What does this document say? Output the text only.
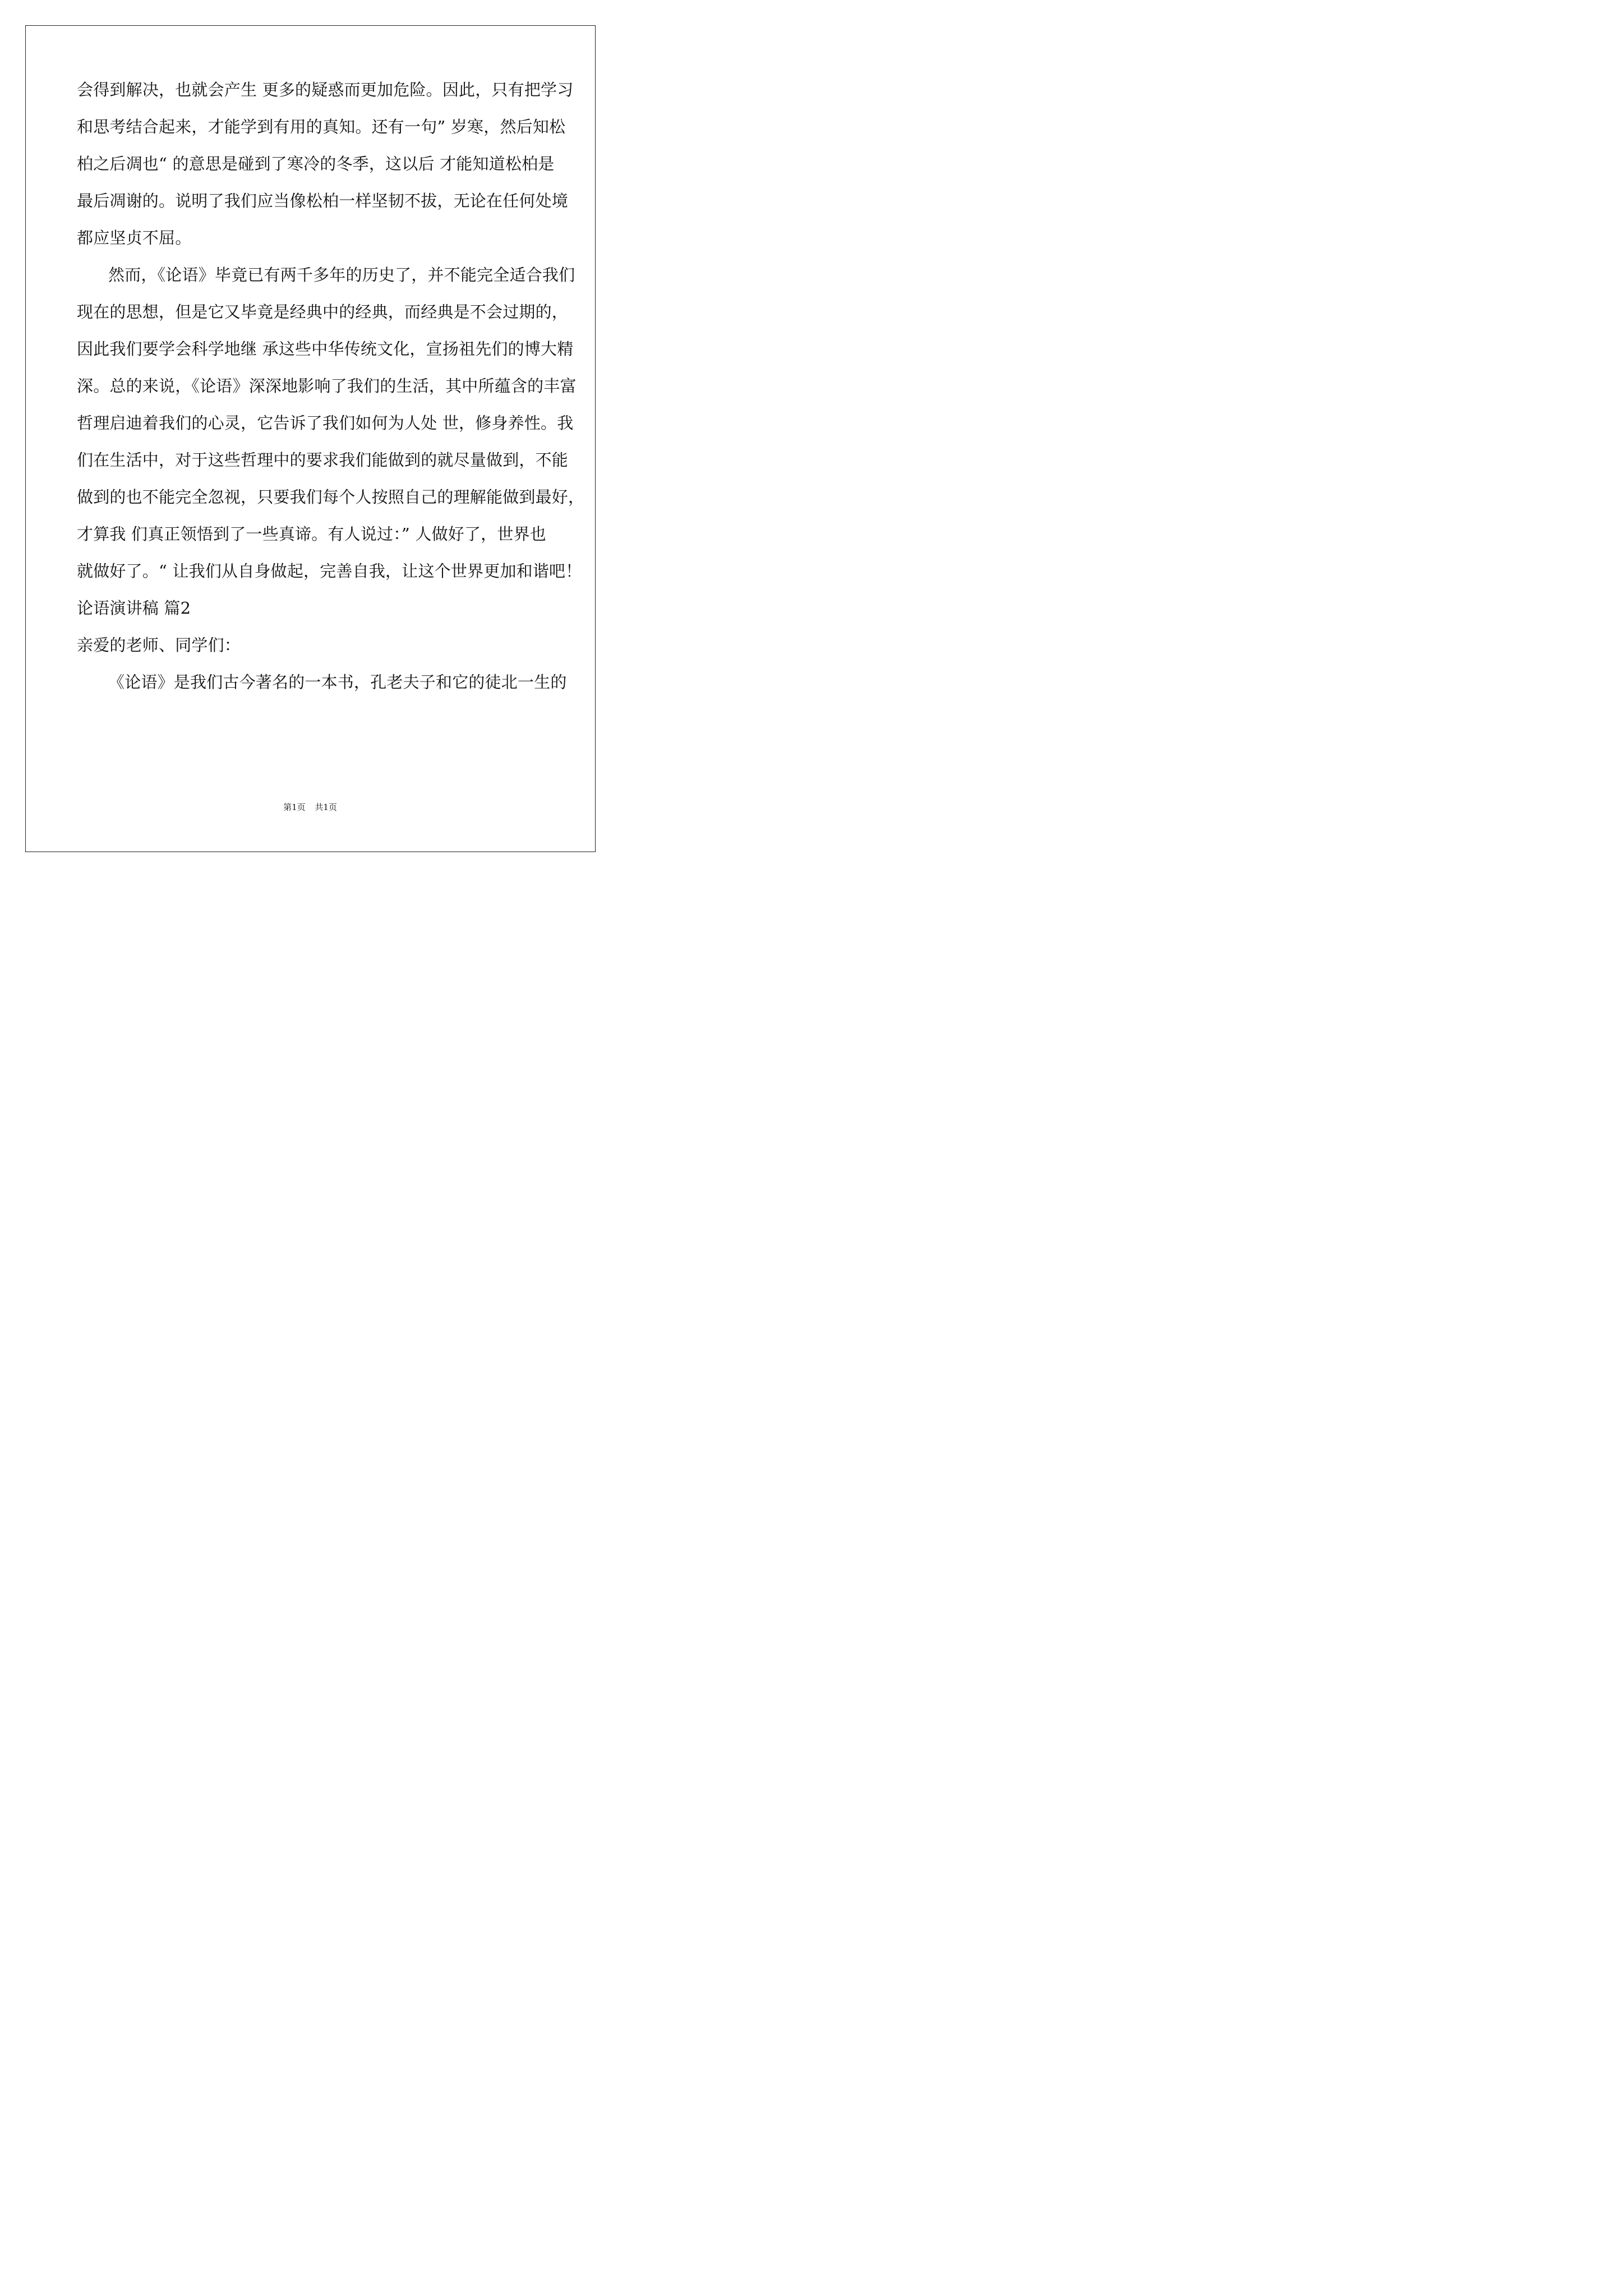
会得到解决，也就会产生 更多的疑惑而更加危险。因此，只有把学习
和思考结合起来，才能学到有用的真知。还有一句” 岁寒，然后知松
柏之后凋也“ 的意思是碰到了寒冷的冬季，这以后 才能知道松柏是
最后凋谢的。说明了我们应当像松柏一样坚韧不拔，无论在任何处境
都应坚贞不屈。
然而，《论语》毕竟已有两千多年的历史了，并不能完全适合我们
现在的思想，但是它又毕竟是经典中的经典，而经典是不会过期的，
因此我们要学会科学地继 承这些中华传统文化，宣扬祖先们的博大精
深。总的来说，《论语》深深地影响了我们的生活，其中所蕴含的丰富
哲理启迪着我们的心灵，它告诉了我们如何为人处 世，修身养性。我
们在生活中，对于这些哲理中的要求我们能做到的就尽量做到，不能
做到的也不能完全忽视，只要我们每个人按照自己的理解能做到最好，
才算我 们真正领悟到了一些真谛。有人说过：” 人做好了，世界也
就做好了。“ 让我们从自身做起，完善自我，让这个世界更加和谐吧！
论语演讲稿 篇2
亲爱的老师、同学们：
《论语》是我们古今著名的一本书，孔老夫子和它的徒北一生的
第1页 共1页
